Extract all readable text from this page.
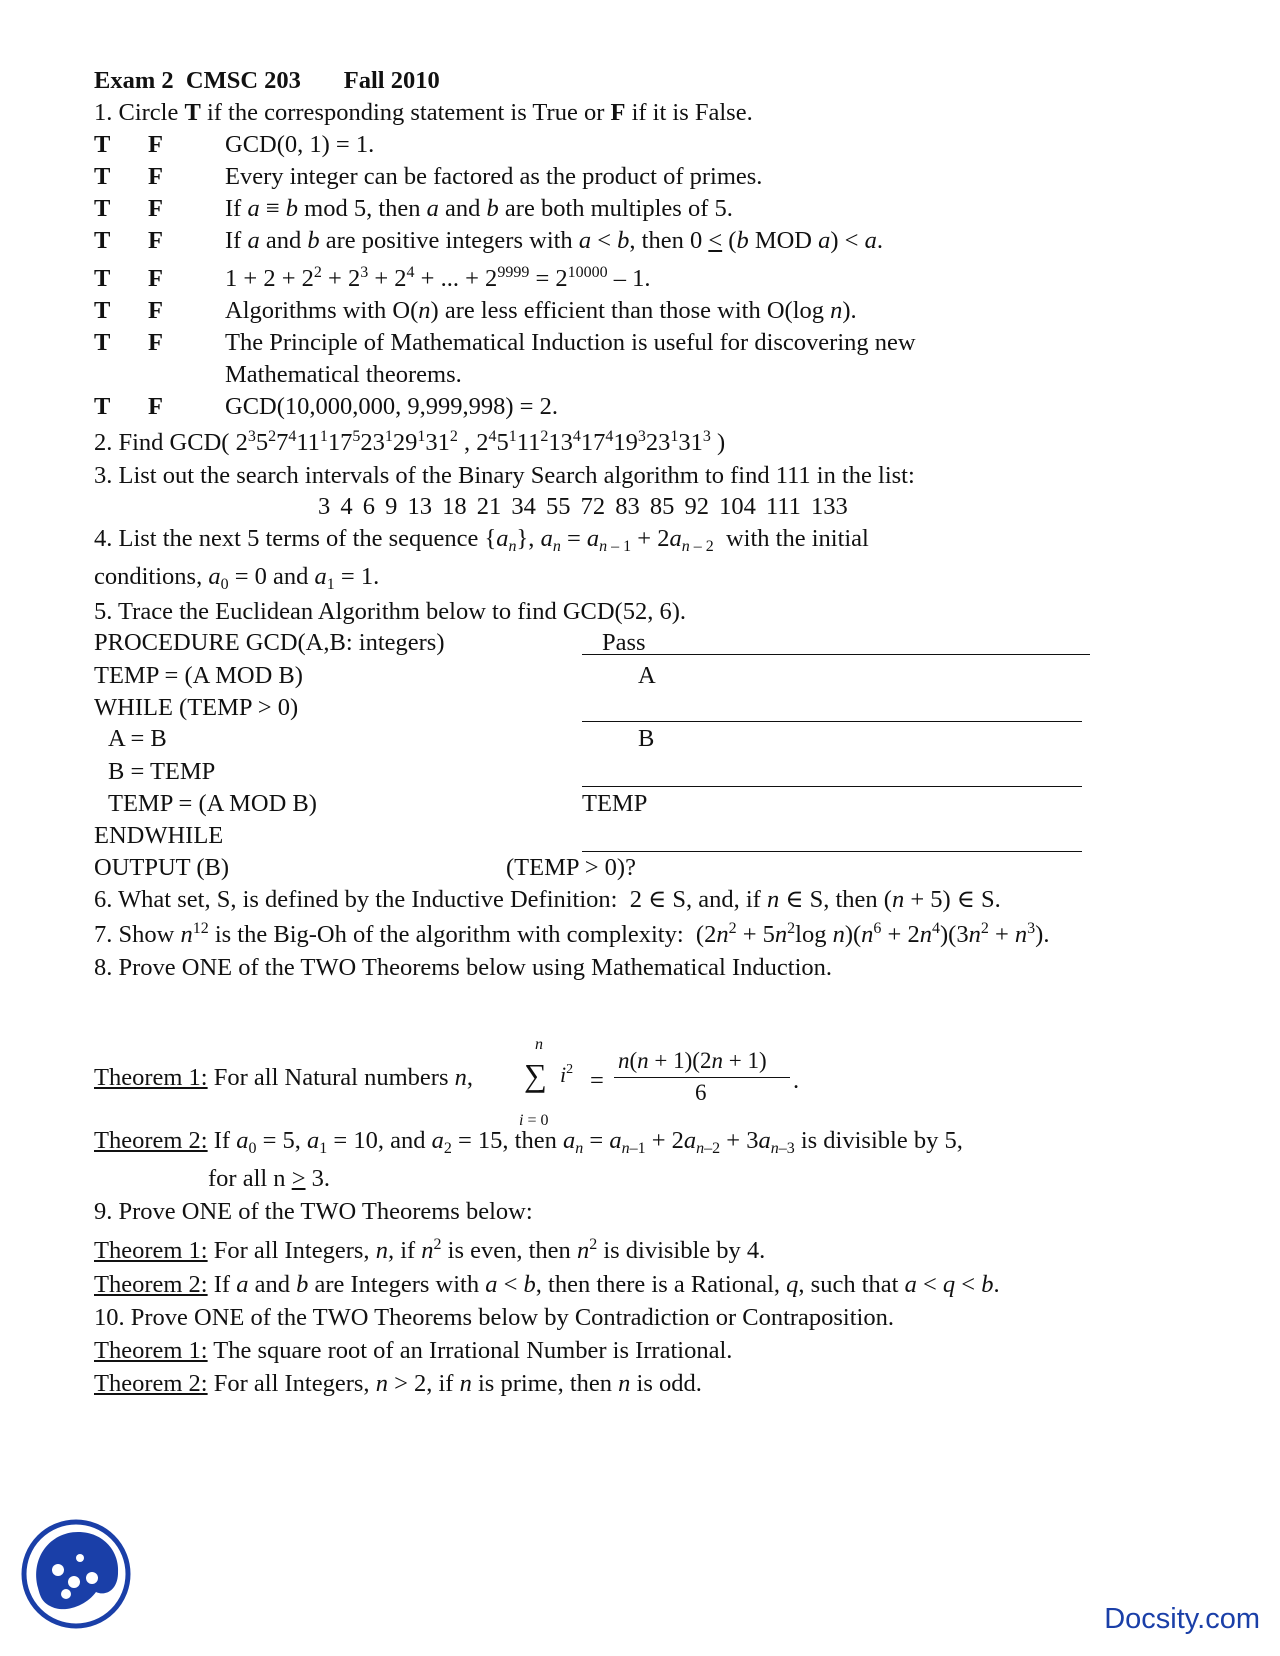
Exam 2 CMSC 203 Fall 2010
1. Circle T if the corresponding statement is True or F if it is False.
T F	GCD(0, 1) = 1.
T F	Every integer can be factored as the product of primes.
T F	If a ≡ b mod 5, then a and b are both multiples of 5.
T F	If a and b are positive integers with a < b, then 0 < (b MOD a) < a.
T F	$1 + 2 + 2^2 + 2^3 + 2^4$ + ... + $2^{9999} = 2^{10000} - 1$.
T F	Algorithms with O(n) are less efficient than those with O(log n).
T F	The Principle of Mathematical Induction is useful for discovering new
Mathematical theorems.
T F	GCD(10,000,000, 9,999,998) = 2.
2. Find GCD( $2^35^27^411^117^523^129^131^2$ , $2^45^111^213^417^419^323^131^3$ )
3. List out the search intervals of the Binary Search algorithm to find 111 in the list:
3 4 6 9 13 18 21 34 55 72 83 85 92 104 111 133
4. List the next 5 terms of the sequence $\{a_n\}$, $a_n = a_{n - 1} + 2a_{n - 2}$  with the initial
conditions, $a_0 = 0$ and $a_1 = 1$.
5. Trace the Euclidean Algorithm below to find GCD(52, 6).
PROCEDURE GCD(A,B: integers)
TEMP = (A MOD B)
WHILE (TEMP > 0)
A = B
B = TEMP
TEMP = (A MOD B)
ENDWHILE
OUTPUT (B)
Pass
A
B
TEMP
(TEMP > 0)?
6. What set, S, is defined by the Inductive Definition:  2 ∈ S, and, if n ∈ S, then (n + 5) ∈ S.
7. Show $n^{12}$ is the Big-Oh of the algorithm with complexity:  ($2n^2 + 5n^2\log$ $n)(n^6 + 2n^4)(3n^2 + n^3)$.
8. Prove ONE of the TWO Theorems below using Mathematical Induction.
n
Theorem 1: For all Natural numbers n, ∑ $i^2$ =
n(n + 1)(2n + 1)
6	.
i = 0
Theorem 2: If $a_0 = 5$, $a_1 = 10$, and $a_2 = 15$, then $a_n = a_{n-1} + 2a_{n-2} + 3a_{n-3}$ is divisible by 5,
for all n > 3.
9. Prove ONE of the TWO Theorems below:
Theorem 1: For all Integers, n, if $n^2$ is even, then $n^2$ is divisible by 4.
Theorem 2: If a and b are Integers with a < b, then there is a Rational, q, such that a < q < b.
10. Prove ONE of the TWO Theorems below by Contradiction or Contraposition.
Theorem 1: The square root of an Irrational Number is Irrational.
Theorem 2: For all Integers, n > 2, if n is prime, then n is odd.
Docsity.com
